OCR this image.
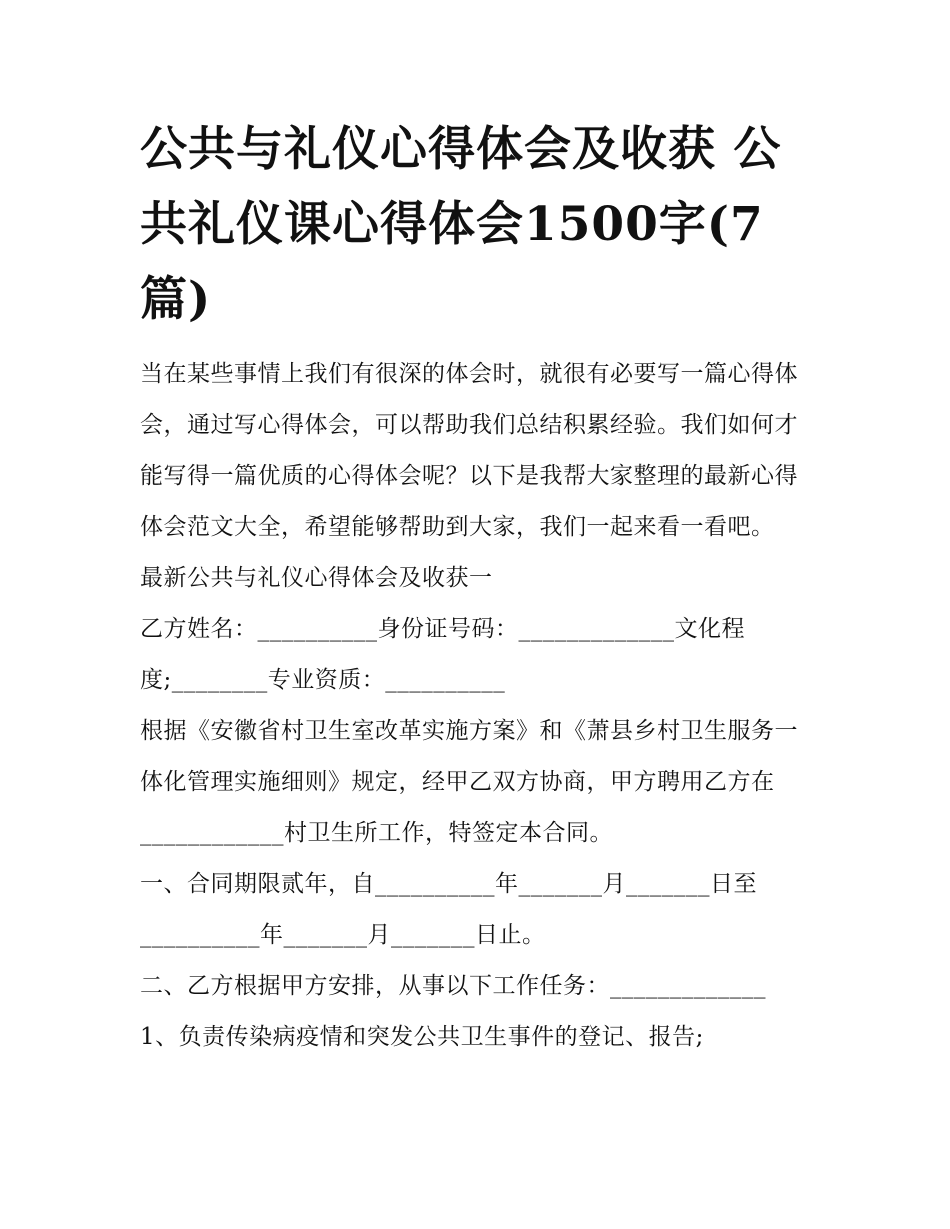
公共与礼仪心得体会及收获 公共礼仪课心得体会1500字(7篇)

当在某些事情上我们有很深的体会时，就很有必要写一篇心得体会，通过写心得体会，可以帮助我们总结积累经验。我们如何才能写得一篇优质的心得体会呢？以下是我帮大家整理的最新心得体会范文大全，希望能够帮助到大家，我们一起来看一看吧。

最新公共与礼仪心得体会及收获一

乙方姓名：__________身份证号码：_____________文化程度;________专业资质：__________

根据《安徽省村卫生室改革实施方案》和《萧县乡村卫生服务一体化管理实施细则》规定，经甲乙双方协商，甲方聘用乙方在____________村卫生所工作，特签定本合同。

一、合同期限贰年，自__________年_______月_______日至__________年_______月_______日止。

二、乙方根据甲方安排，从事以下工作任务：_____________

1、负责传染病疫情和突发公共卫生事件的登记、报告;
